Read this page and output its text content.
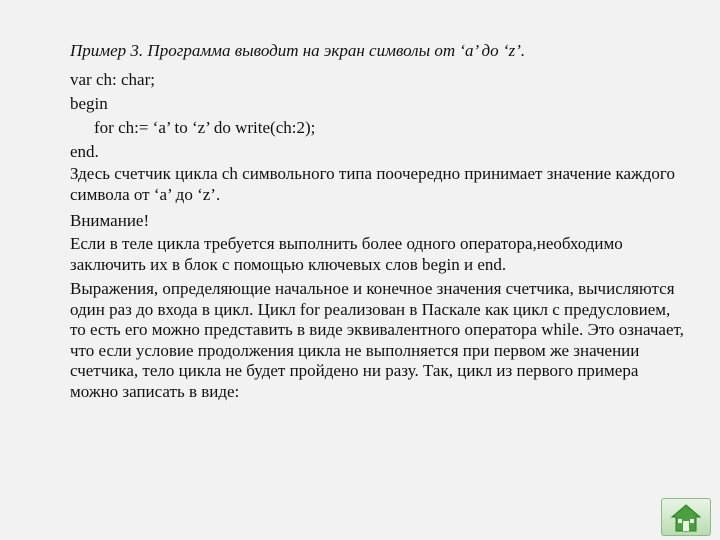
Пример 3. Программа выводит на экран символы от ‘a’ до ‘z’.
var ch: char;
begin
for ch:= ‘a’ to ‘z’ do write(ch:2);
end.

Здесь счетчик цикла ch символьного типа поочередно принимает значение каждого символа от ‘a’ до ‘z’.

Внимание!

Если в теле цикла требуется выполнить более одного оператора,необходимо заключить их в блок с помощью ключевых слов begin и end.

Выражения, определяющие начальное и конечное значения счетчика, вычисляются один раз до входа в цикл. Цикл for реализован в Паскале как цикл с предусловием, то есть его можно представить в виде эквивалентного оператора while. Это означает, что если условие продолжения цикла не выполняется при первом же значении счетчика, тело цикла не будет пройдено ни разу. Так, цикл из первого примера можно записать в виде:
